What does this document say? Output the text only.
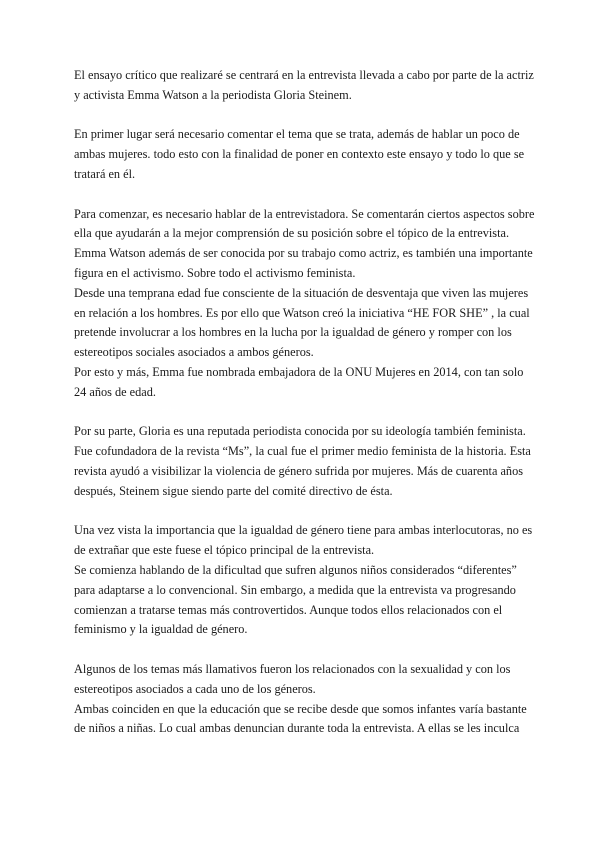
El ensayo crítico que realizaré se centrará en la entrevista llevada a cabo por parte de la actriz
y activista Emma Watson a la periodista Gloria Steinem.
En primer lugar será necesario comentar el tema que se trata, además de hablar un poco de
ambas mujeres. todo esto con la finalidad de poner en contexto este ensayo y todo lo que se
tratará en él.
Para comenzar, es necesario hablar de la entrevistadora. Se comentarán ciertos aspectos sobre
ella que ayudarán a la mejor comprensión de su posición sobre el tópico de la entrevista.
Emma Watson además de ser conocida por su trabajo como actriz, es también una importante
figura en el activismo. Sobre todo el activismo feminista.
Desde una temprana edad fue consciente de la situación de desventaja que viven las mujeres
en relación a los hombres. Es por ello que Watson creó la iniciativa “HE FOR SHE” , la cual
pretende involucrar a los hombres en la lucha por la igualdad de género y romper con los
estereotipos sociales asociados a ambos géneros.
Por esto y más, Emma fue nombrada embajadora de la ONU Mujeres en 2014, con tan solo
24 años de edad.
Por su parte, Gloria es una reputada periodista conocida por su ideología también feminista.
Fue cofundadora de la revista “Ms”, la cual fue el primer medio feminista de la historia. Esta
revista ayudó a visibilizar la violencia de género sufrida por mujeres. Más de cuarenta años
después, Steinem sigue siendo parte del comité directivo de ésta.
Una vez vista la importancia que la igualdad de género tiene para ambas interlocutoras, no es
de extrañar que este fuese el tópico principal de la entrevista.
Se comienza hablando de la dificultad que sufren algunos niños considerados “diferentes”
para adaptarse a lo convencional. Sin embargo, a medida que la entrevista va progresando
comienzan a tratarse temas más controvertidos. Aunque todos ellos relacionados con el
feminismo y la igualdad de género.
Algunos de los temas más llamativos fueron los relacionados con la sexualidad y con los
estereotipos asociados a cada uno de los géneros.
Ambas coinciden en que la educación que se recibe desde que somos infantes varía bastante
de niños a niñas. Lo cual ambas denuncian durante toda la entrevista. A ellas se les inculca
